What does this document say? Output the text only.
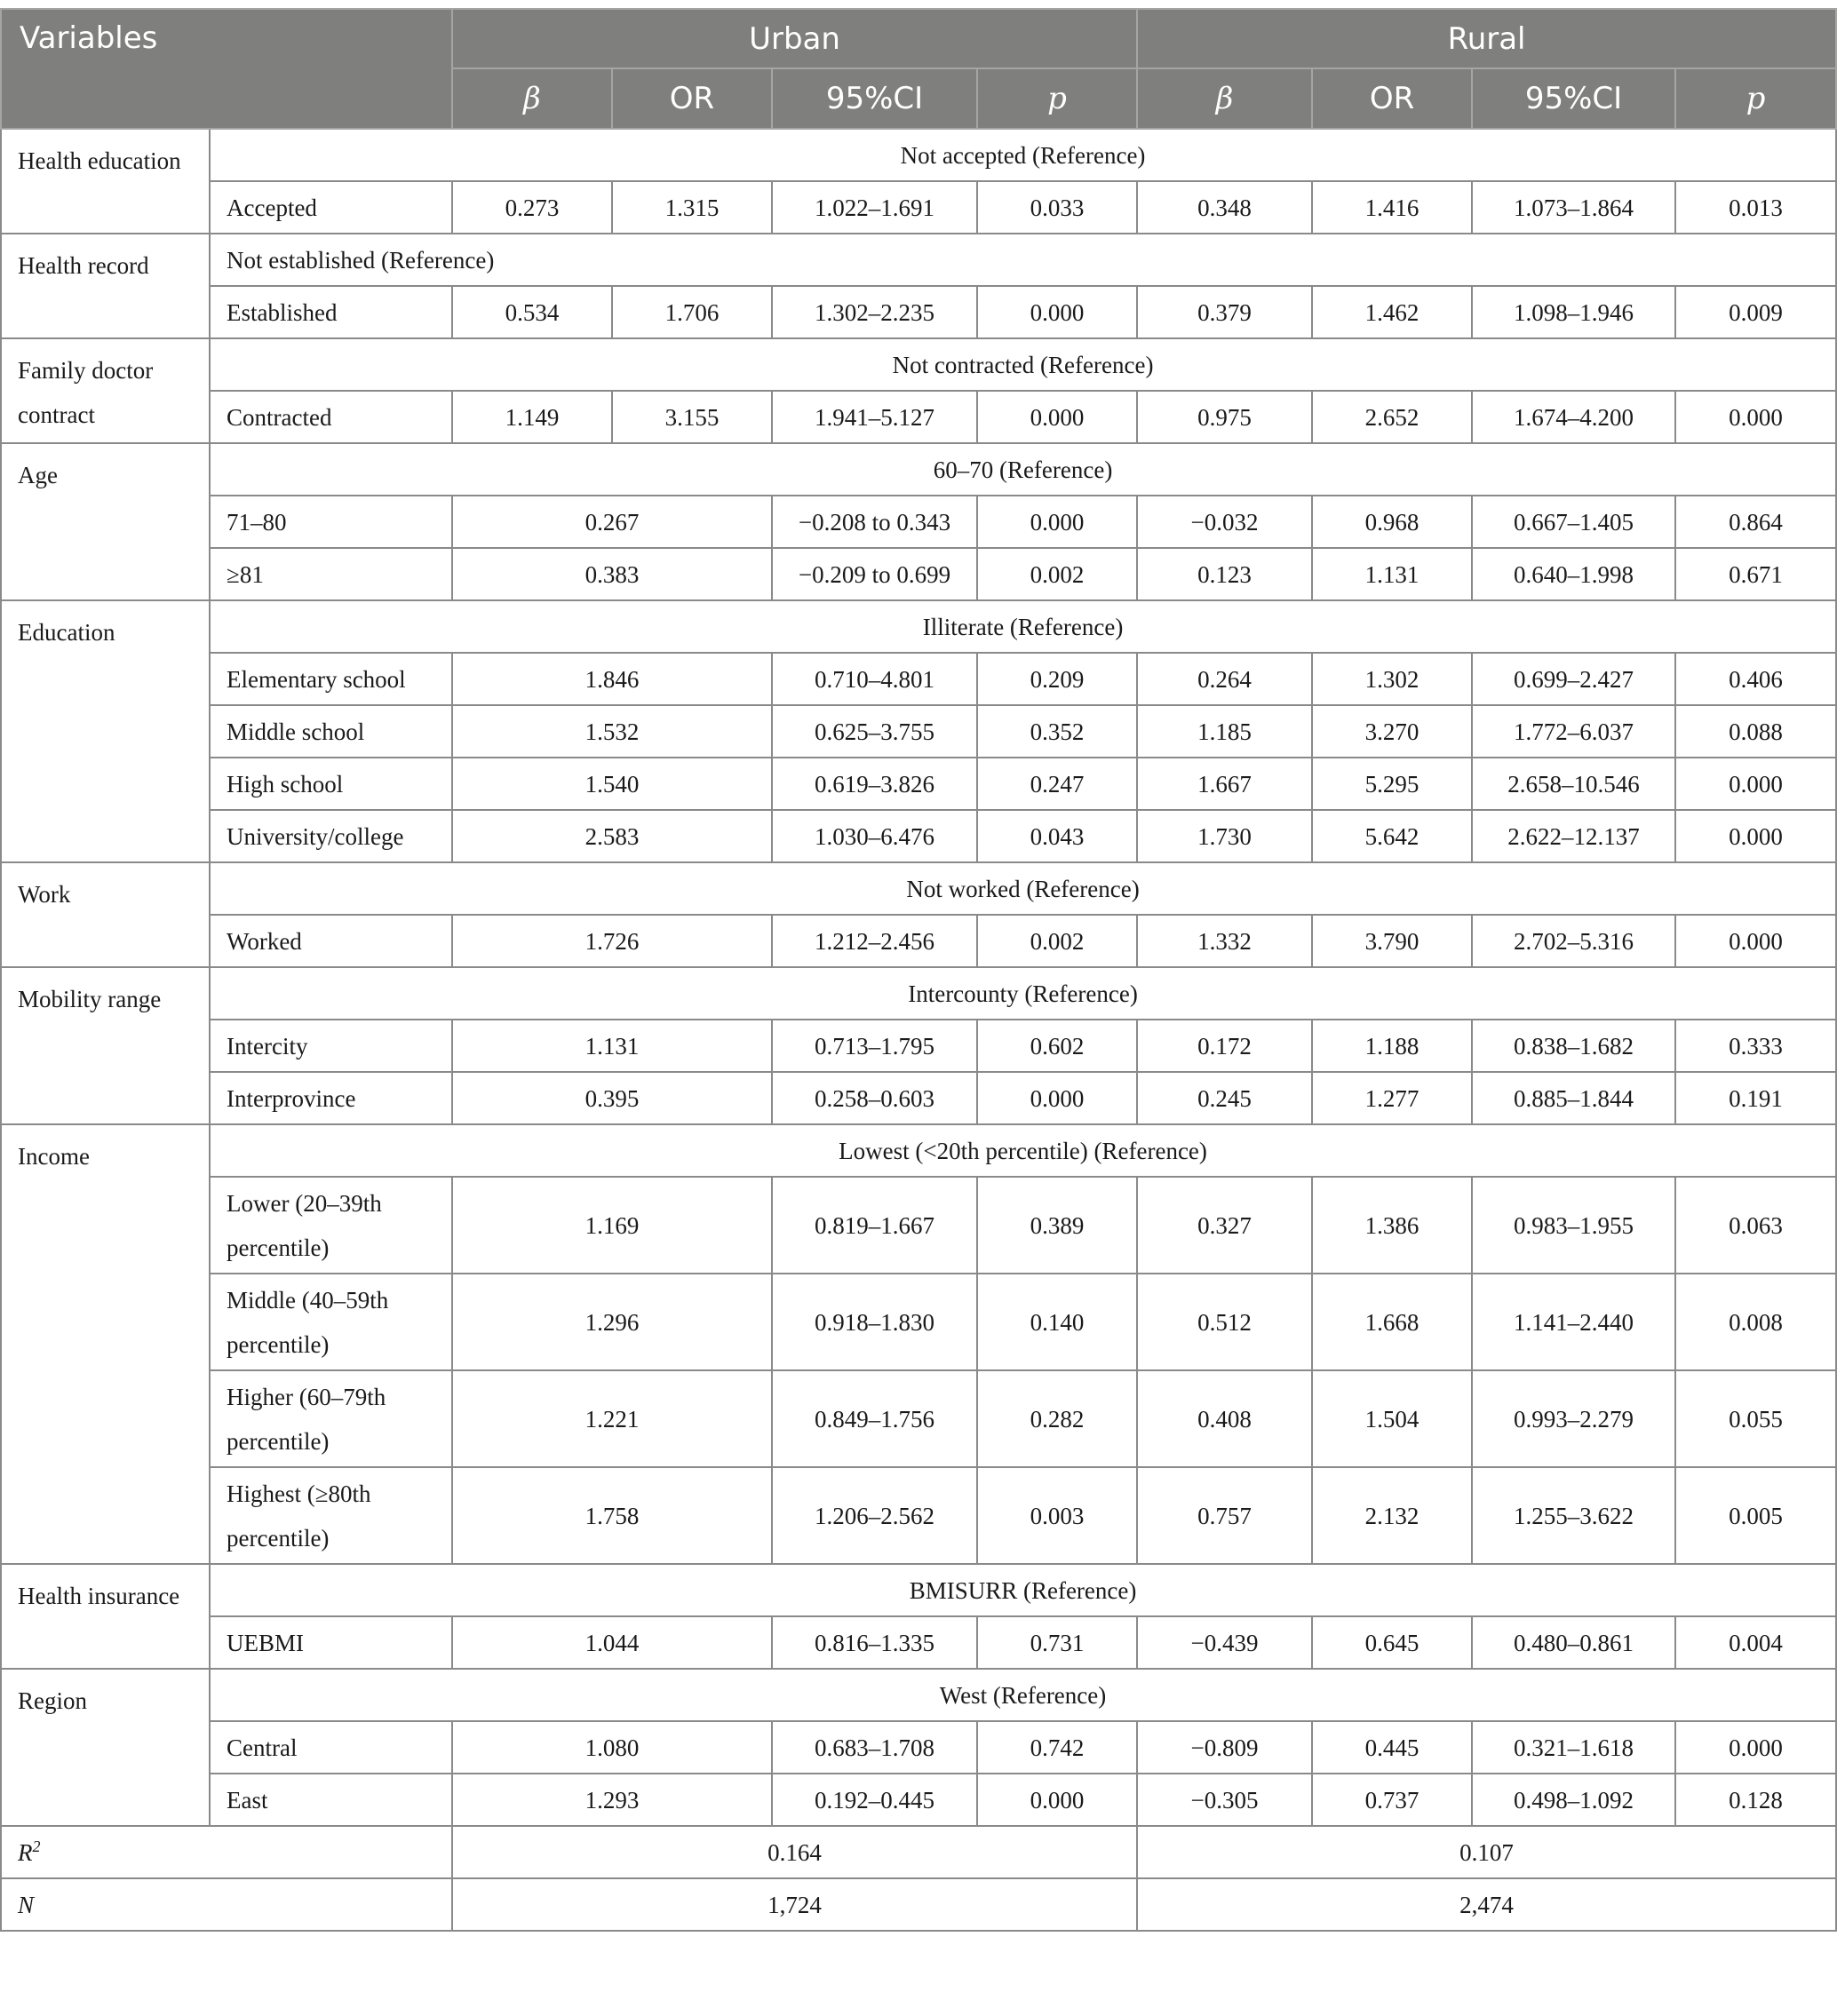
Variables		Urban				Rural			
		β	OR	95%CI	p	β	OR	95%CI	p
Health education	Not accepted (Reference)								
	Accepted	0.273	1.315	1.022–1.691	0.033	0.348	1.416	1.073–1.864	0.013
Health record	Not established (Reference)								
	Established	0.534	1.706	1.302–2.235	0.000	0.379	1.462	1.098–1.946	0.009
Family doctor contract	Not contracted (Reference)								
	Contracted	1.149	3.155	1.941–5.127	0.000	0.975	2.652	1.674–4.200	0.000
Age	60–70 (Reference)								
	71–80	0.267		−0.208 to 0.343	0.000	−0.032	0.968	0.667–1.405	0.864
	≥81	0.383		−0.209 to 0.699	0.002	0.123	1.131	0.640–1.998	0.671
Education	Illiterate (Reference)								
	Elementary school	1.846		0.710–4.801	0.209	0.264	1.302	0.699–2.427	0.406
	Middle school	1.532		0.625–3.755	0.352	1.185	3.270	1.772–6.037	0.088
	High school	1.540		0.619–3.826	0.247	1.667	5.295	2.658–10.546	0.000
	University/college	2.583		1.030–6.476	0.043	1.730	5.642	2.622–12.137	0.000
Work	Not worked (Reference)								
	Worked	1.726		1.212–2.456	0.002	1.332	3.790	2.702–5.316	0.000
Mobility range	Intercounty (Reference)								
	Intercity	1.131		0.713–1.795	0.602	0.172	1.188	0.838–1.682	0.333
	Interprovince	0.395		0.258–0.603	0.000	0.245	1.277	0.885–1.844	0.191
Income	Lowest (<20th percentile) (Reference)								
	Lower (20–39th percentile)	1.169		0.819–1.667	0.389	0.327	1.386	0.983–1.955	0.063
	Middle (40–59th percentile)	1.296		0.918–1.830	0.140	0.512	1.668	1.141–2.440	0.008
	Higher (60–79th percentile)	1.221		0.849–1.756	0.282	0.408	1.504	0.993–2.279	0.055
	Highest (≥80th percentile)	1.758		1.206–2.562	0.003	0.757	2.132	1.255–3.622	0.005
Health insurance	BMISURR (Reference)								
	UEBMI	1.044		0.816–1.335	0.731	−0.439	0.645	0.480–0.861	0.004
Region	West (Reference)								
	Central	1.080		0.683–1.708	0.742	−0.809	0.445	0.321–1.618	0.000
	East	1.293		0.192–0.445	0.000	−0.305	0.737	0.498–1.092	0.128
$R^2$		0.164				0.107			
N		1,724				2,474			
